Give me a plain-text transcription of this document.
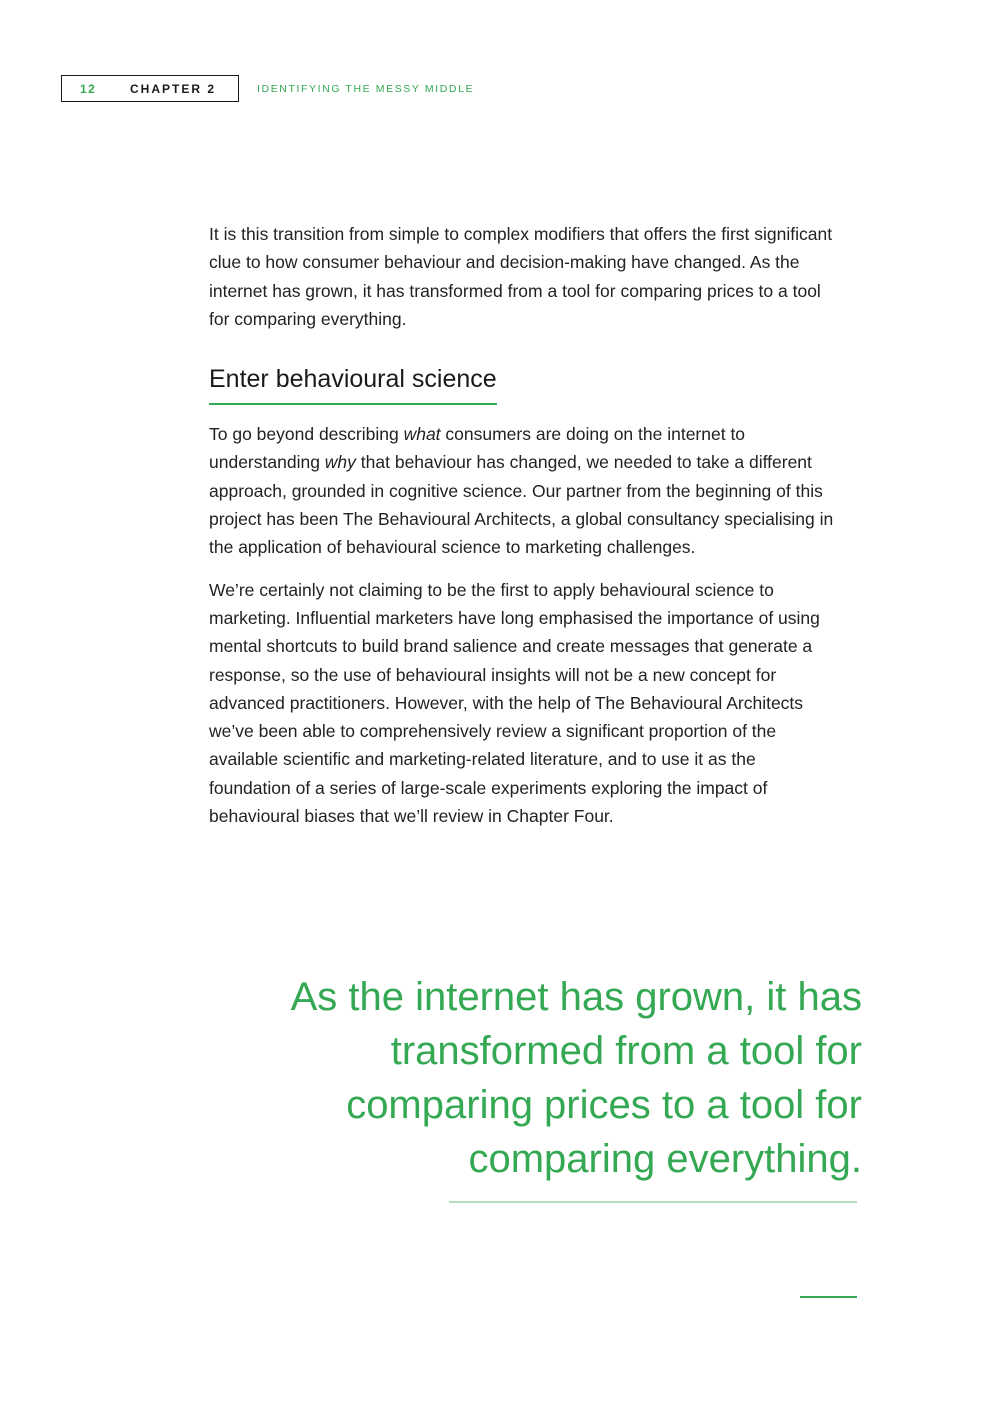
12	CHAPTER 2	IDENTIFYING THE MESSY MIDDLE

It is this transition from simple to complex modifiers that offers the first significant clue to how consumer behaviour and decision-making have changed. As the internet has grown, it has transformed from a tool for comparing prices to a tool for comparing everything.

Enter behavioural science

To go beyond describing what consumers are doing on the internet to understanding why that behaviour has changed, we needed to take a different approach, grounded in cognitive science. Our partner from the beginning of this project has been The Behavioural Architects, a global consultancy specialising in the application of behavioural science to marketing challenges.

We’re certainly not claiming to be the first to apply behavioural science to marketing. Influential marketers have long emphasised the importance of using mental shortcuts to build brand salience and create messages that generate a response, so the use of behavioural insights will not be a new concept for advanced practitioners. However, with the help of The Behavioural Architects we’ve been able to comprehensively review a significant proportion of the available scientific and marketing-related literature, and to use it as the foundation of a series of large-scale experiments exploring the impact of behavioural biases that we’ll review in Chapter Four.

As the internet has grown, it has
transformed from a tool for
comparing prices to a tool for
comparing everything.
